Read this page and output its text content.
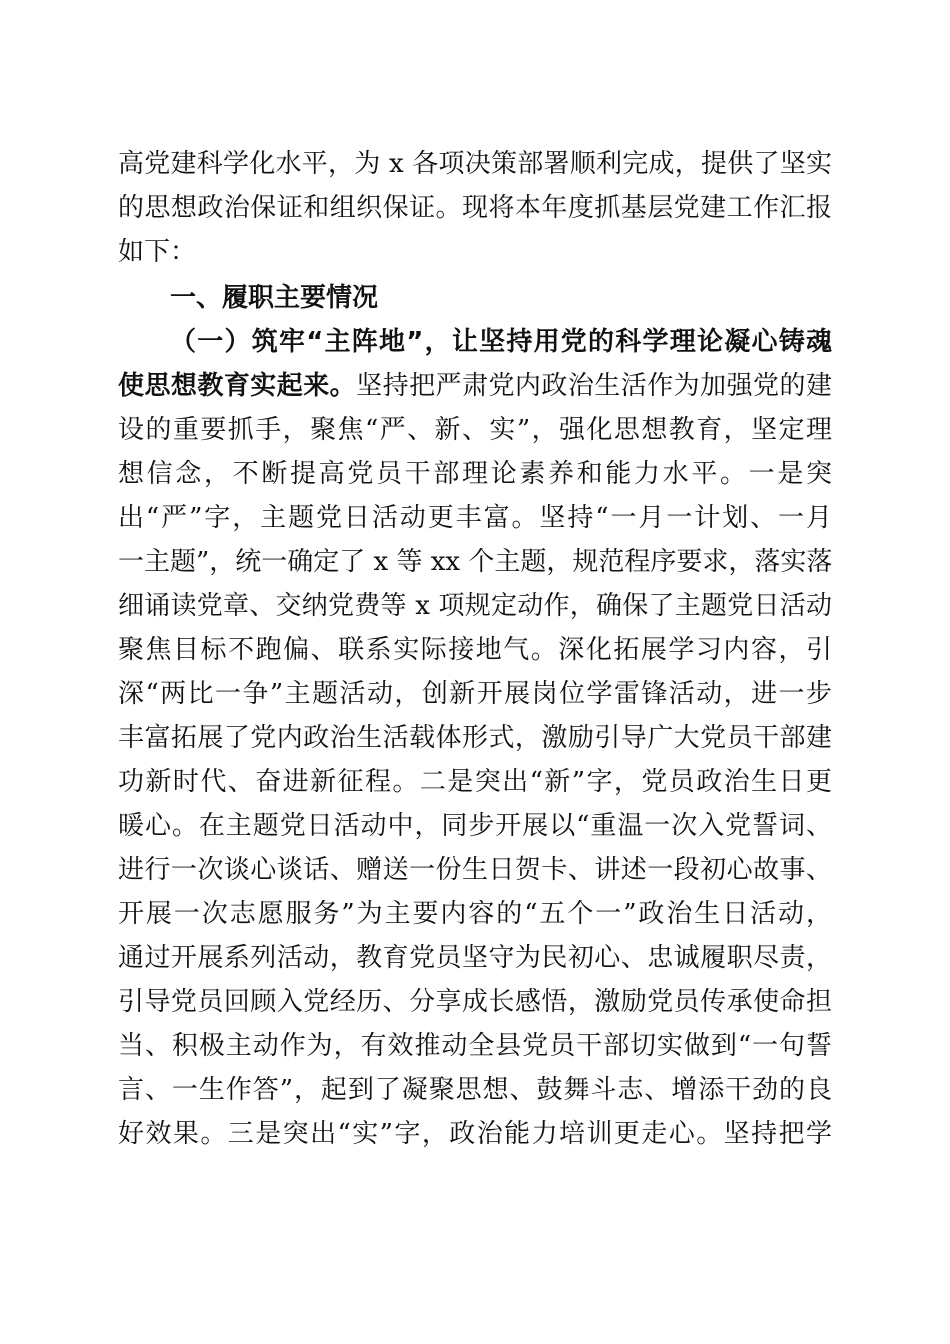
高党建科学化水平，为 x 各项决策部署顺利完成，提供了坚实
的思想政治保证和组织保证。现将本年度抓基层党建工作汇报
如下：
一、履职主要情况
（一）筑牢“主阵地”，让坚持用党的科学理论凝心铸魂
使思想教育实起来。坚持把严肃党内政治生活作为加强党的建
设的重要抓手，聚焦“严、新、实”，强化思想教育，坚定理
想信念，不断提高党员干部理论素养和能力水平。一是突
出“严”字，主题党日活动更丰富。坚持“一月一计划、一月
一主题”，统一确定了 x 等 xx 个主题，规范程序要求，落实落
细诵读党章、交纳党费等 x 项规定动作，确保了主题党日活动
聚焦目标不跑偏、联系实际接地气。深化拓展学习内容，引
深“两比一争”主题活动，创新开展岗位学雷锋活动，进一步
丰富拓展了党内政治生活载体形式，激励引导广大党员干部建
功新时代、奋进新征程。二是突出“新”字，党员政治生日更
暖心。在主题党日活动中，同步开展以“重温一次入党誓词、
进行一次谈心谈话、赠送一份生日贺卡、讲述一段初心故事、
开展一次志愿服务”为主要内容的“五个一”政治生日活动，
通过开展系列活动，教育党员坚守为民初心、忠诚履职尽责，
引导党员回顾入党经历、分享成长感悟，激励党员传承使命担
当、积极主动作为，有效推动全县党员干部切实做到“一句誓
言、一生作答”，起到了凝聚思想、鼓舞斗志、增添干劲的良
好效果。三是突出“实”字，政治能力培训更走心。坚持把学
